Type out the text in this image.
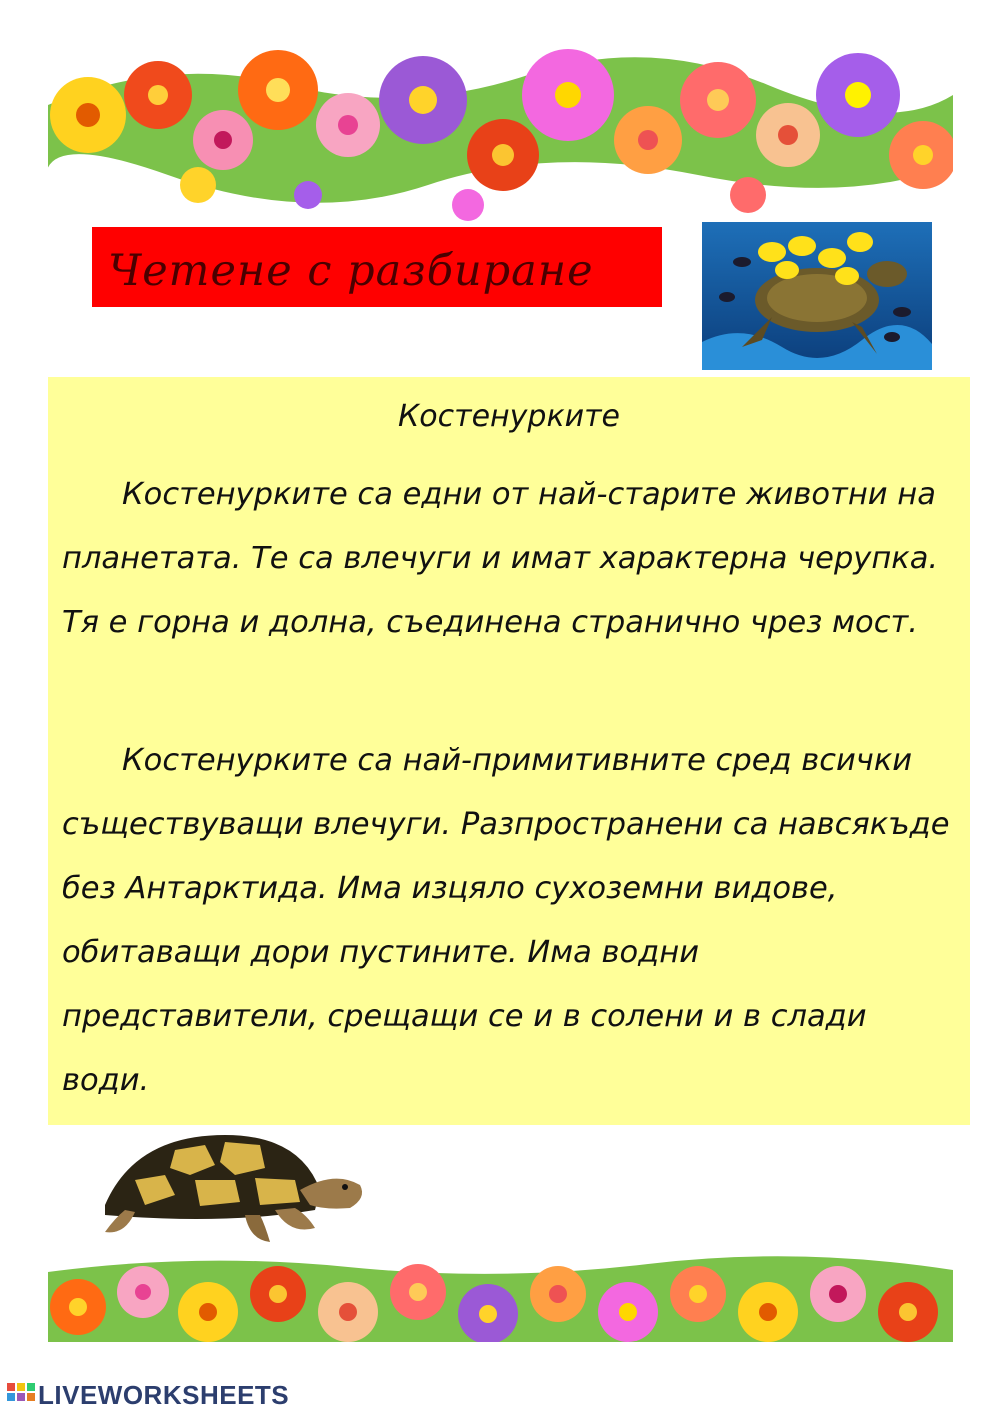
Четене с разбиране
Костенурките

Костенурките са едни от най-старите животни на планетата. Те са влечуги и имат характерна черупка. Тя е горна и долна, съединена странично чрез мост.

Костенурките са най-примитивните сред всички съществуващи влечуги. Разпространени са навсякъде без Антарктида. Има изцяло сухоземни видове, обитаващи дори пустините. Има водни представители, срещащи се и в солени и в слади води.

LIVEWORKSHEETS
